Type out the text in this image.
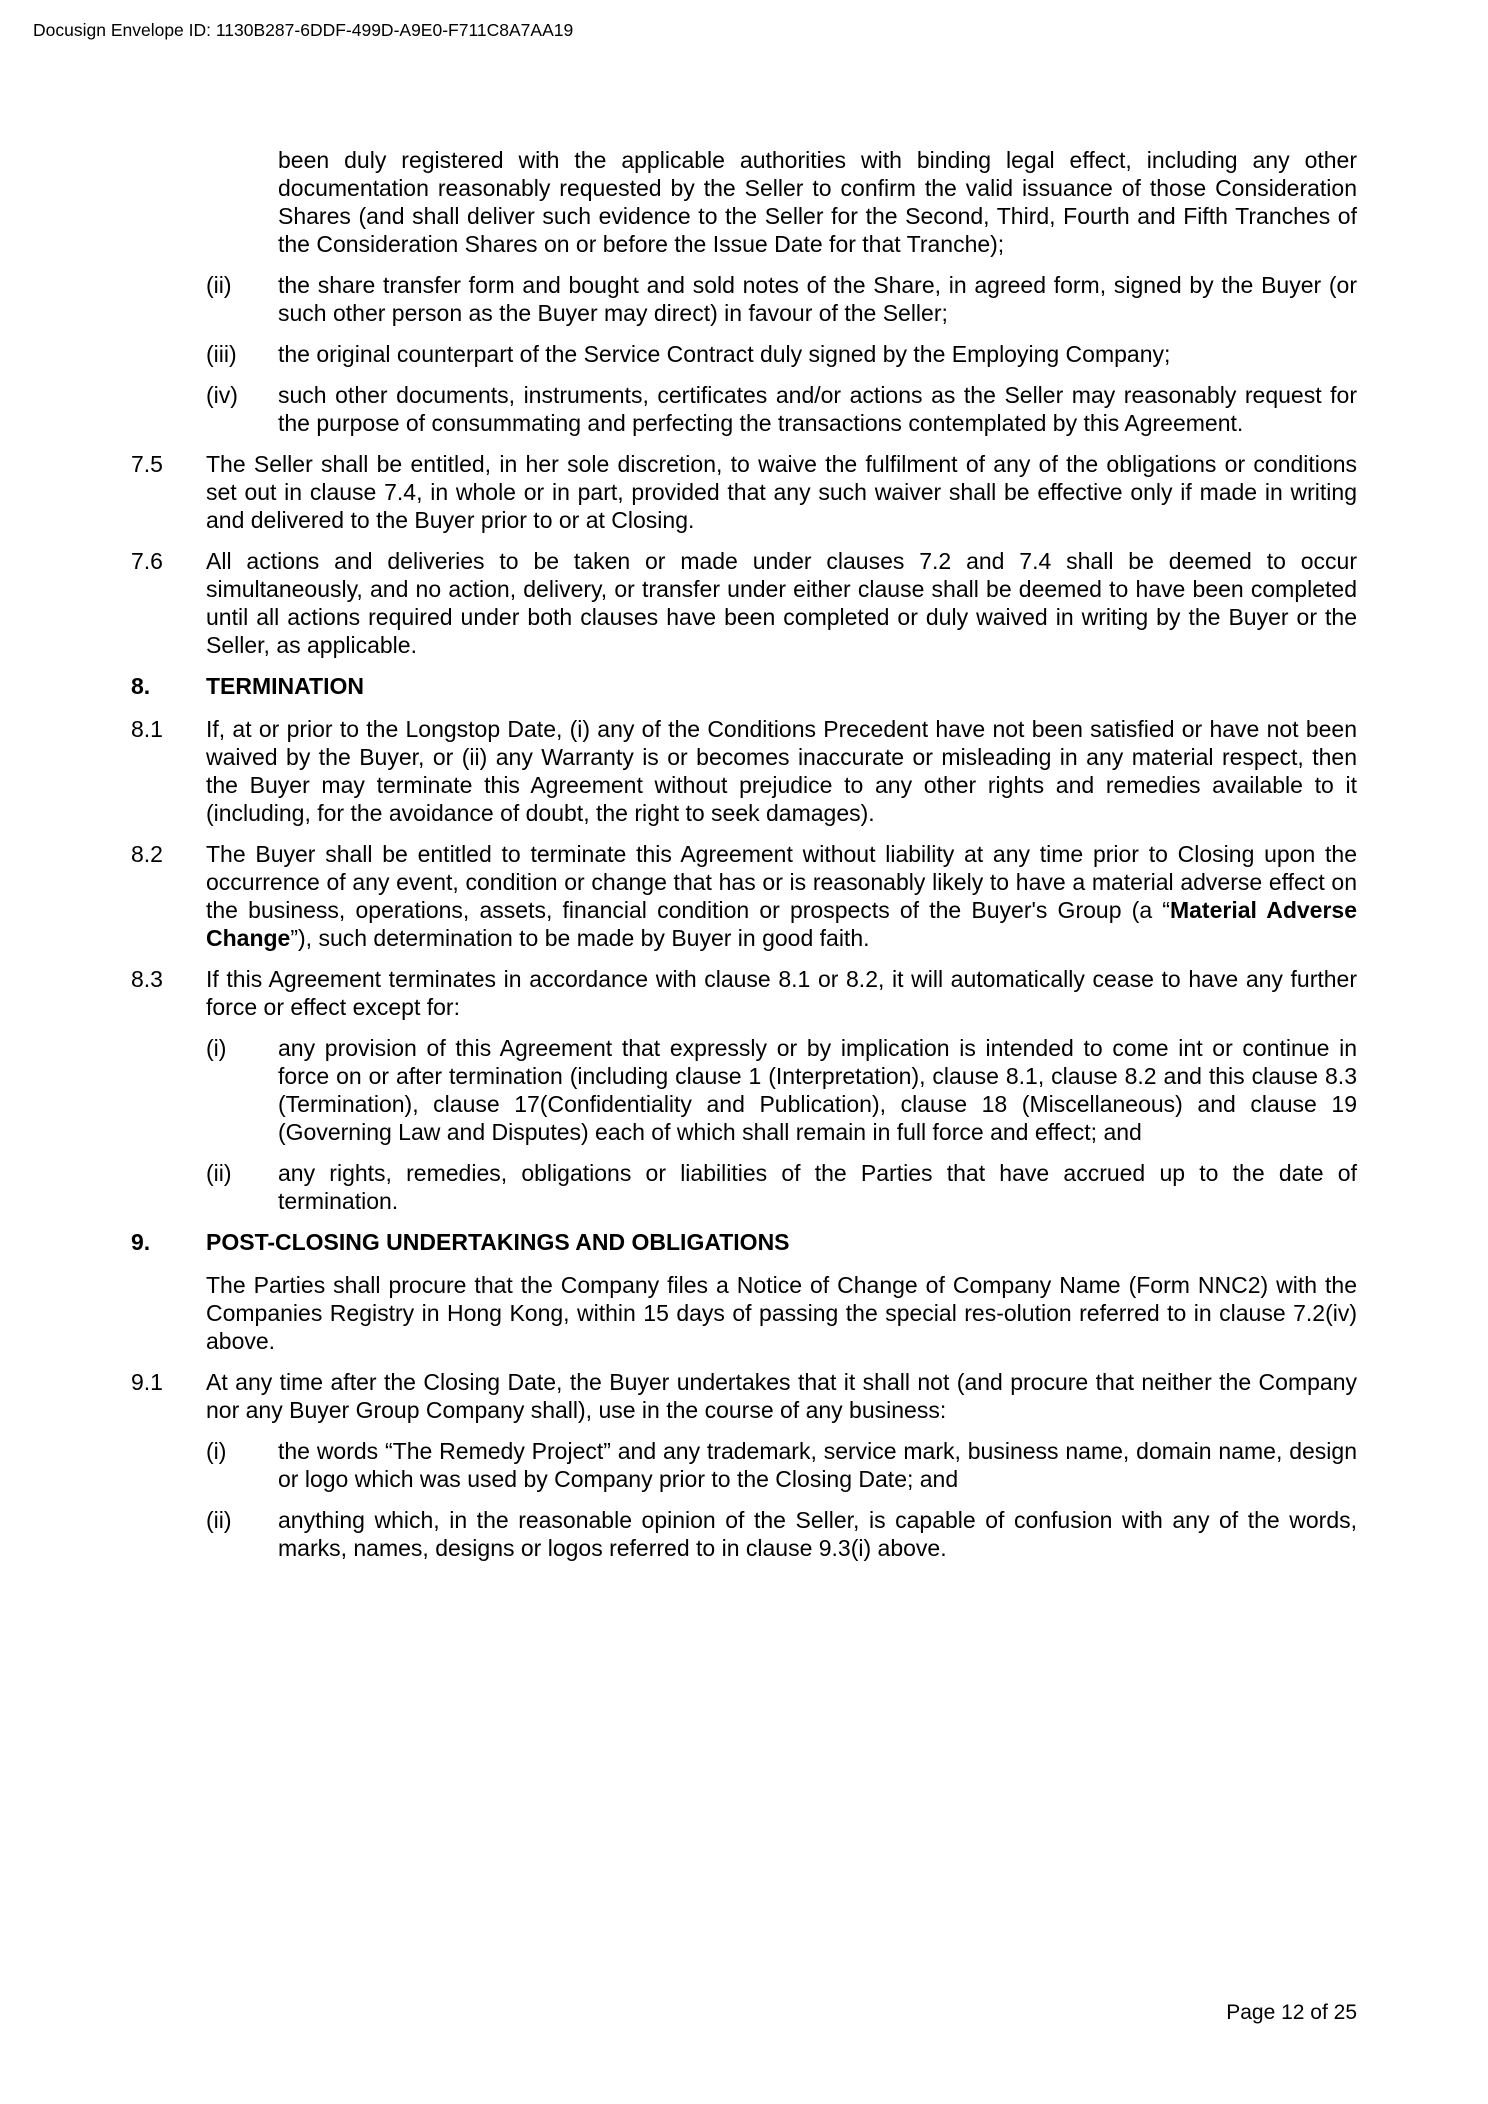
Docusign Envelope ID: 1130B287-6DDF-499D-A9E0-F711C8A7AA19

been duly registered with the applicable authorities with binding legal effect, including any other documentation reasonably requested by the Seller to confirm the valid issuance of those Consideration Shares (and shall deliver such evidence to the Seller for the Second, Third, Fourth and Fifth Tranches of the Consideration Shares on or before the Issue Date for that Tranche);

(ii)	the share transfer form and bought and sold notes of the Share, in agreed form, signed by the Buyer (or such other person as the Buyer may direct) in favour of the Seller;

(iii)	the original counterpart of the Service Contract duly signed by the Employing Company;

(iv)	such other documents, instruments, certificates and/or actions as the Seller may reasonably request for the purpose of consummating and perfecting the transactions contemplated by this Agreement.

7.5	The Seller shall be entitled, in her sole discretion, to waive the fulfilment of any of the obligations or conditions set out in clause 7.4, in whole or in part, provided that any such waiver shall be effective only if made in writing and delivered to the Buyer prior to or at Closing.

7.6	All actions and deliveries to be taken or made under clauses 7.2 and 7.4 shall be deemed to occur simultaneously, and no action, delivery, or transfer under either clause shall be deemed to have been completed until all actions required under both clauses have been completed or duly waived in writing by the Buyer or the Seller, as applicable.

8.	TERMINATION

8.1	If, at or prior to the Longstop Date, (i) any of the Conditions Precedent have not been satisfied or have not been waived by the Buyer, or (ii) any Warranty is or becomes inaccurate or misleading in any material respect, then the Buyer may terminate this Agreement without prejudice to any other rights and remedies available to it (including, for the avoidance of doubt, the right to seek damages).

8.2	The Buyer shall be entitled to terminate this Agreement without liability at any time prior to Closing upon the occurrence of any event, condition or change that has or is reasonably likely to have a material adverse effect on the business, operations, assets, financial condition or prospects of the Buyer's Group (a “Material Adverse Change”), such determination to be made by Buyer in good faith.

8.3	If this Agreement terminates in accordance with clause 8.1 or 8.2, it will automatically cease to have any further force or effect except for:

(i)	any provision of this Agreement that expressly or by implication is intended to come int or continue in force on or after termination (including clause 1 (Interpretation), clause 8.1, clause 8.2 and this clause 8.3 (Termination), clause 17(Confidentiality and Publication), clause 18 (Miscellaneous) and clause 19 (Governing Law and Disputes) each of which shall remain in full force and effect; and

(ii)	any rights, remedies, obligations or liabilities of the Parties that have accrued up to the date of termination.

9.	POST-CLOSING UNDERTAKINGS AND OBLIGATIONS

The Parties shall procure that the Company files a Notice of Change of Company Name (Form NNC2) with the Companies Registry in Hong Kong, within 15 days of passing the special res-olution referred to in clause 7.2(iv) above.

9.1	At any time after the Closing Date, the Buyer undertakes that it shall not (and procure that neither the Company nor any Buyer Group Company shall), use in the course of any business:

(i)	the words “The Remedy Project” and any trademark, service mark, business name, domain name, design or logo which was used by Company prior to the Closing Date; and

(ii)	anything which, in the reasonable opinion of the Seller, is capable of confusion with any of the words, marks, names, designs or logos referred to in clause 9.3(i) above.

Page 12 of 25
